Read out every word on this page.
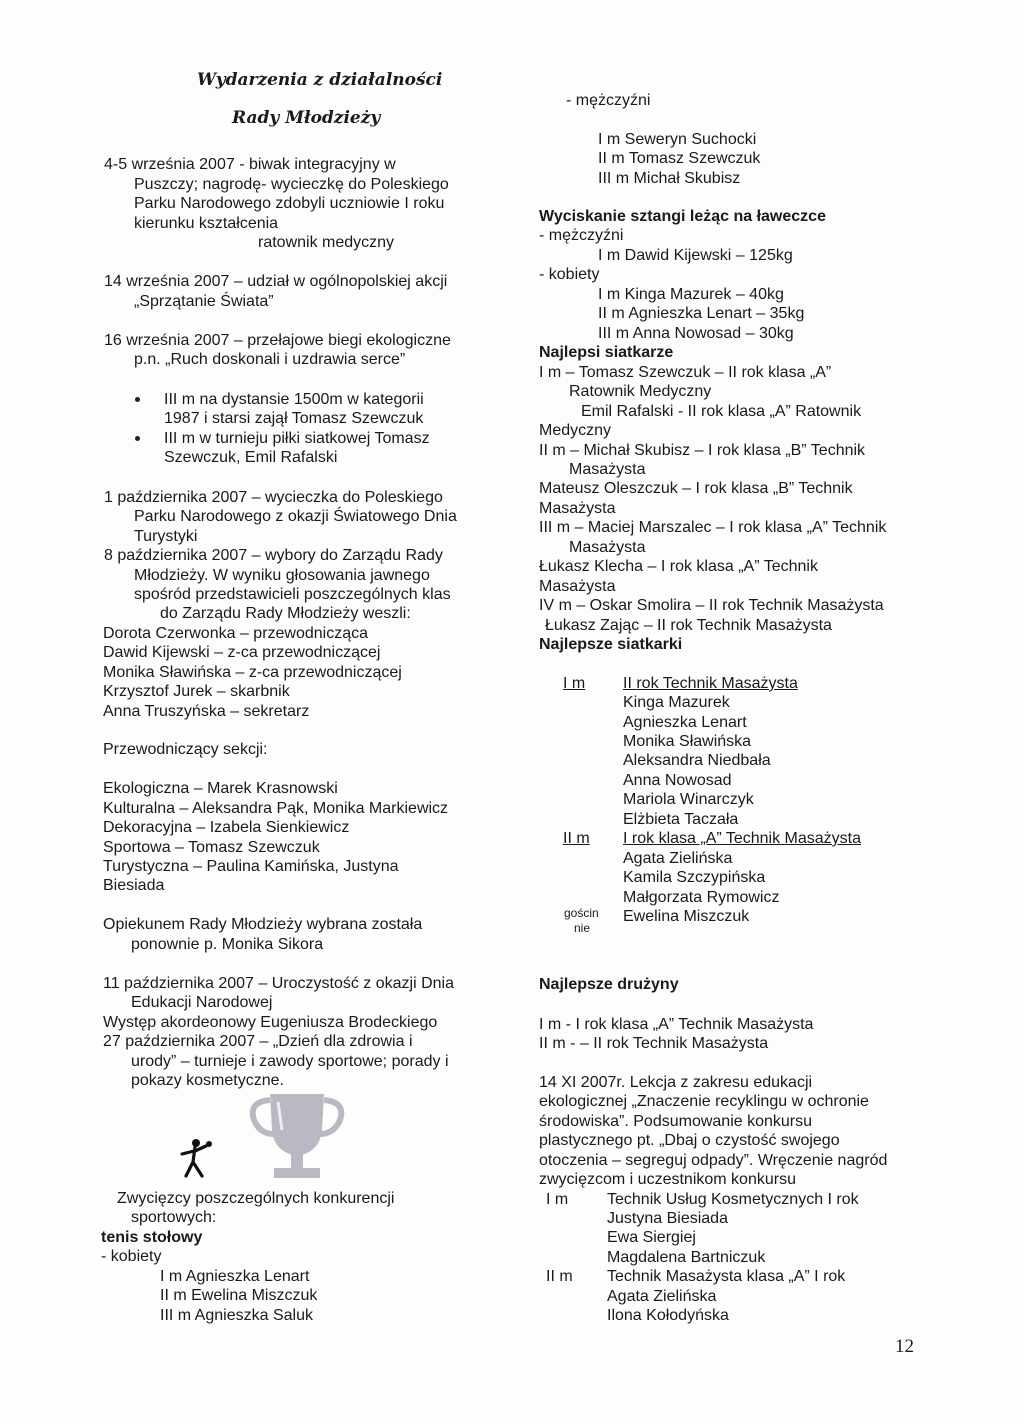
Wydarzenia z działalności
Rady Młodzieży
4-5 września 2007 - biwak integracyjny w
Puszczy; nagrodę- wycieczkę do Poleskiego
Parku Narodowego zdobyli uczniowie I roku
kierunku kształcenia
ratownik medyczny
14 września 2007 – udział w ogólnopolskiej akcji
„Sprzątanie Świata”
16 września 2007 – przełajowe biegi ekologiczne
p.n. „Ruch doskonali i uzdrawia serce”
III m na dystansie 1500m w kategorii
1987 i starsi zajął Tomasz Szewczuk
III m w turnieju piłki siatkowej Tomasz
Szewczuk, Emil Rafalski
1 października 2007 – wycieczka do Poleskiego
Parku Narodowego z okazji Światowego Dnia
Turystyki
8 października 2007 – wybory do Zarządu Rady
Młodzieży. W wyniku głosowania jawnego
spośród przedstawicieli poszczególnych klas
do Zarządu Rady Młodzieży weszli:
Dorota Czerwonka – przewodnicząca
Dawid Kijewski – z-ca przewodniczącej
Monika Sławińska – z-ca przewodniczącej
Krzysztof Jurek – skarbnik
Anna Truszyńska – sekretarz
Przewodniczący sekcji:
Ekologiczna – Marek Krasnowski
Kulturalna – Aleksandra Pąk, Monika Markiewicz
Dekoracyjna – Izabela Sienkiewicz
Sportowa – Tomasz Szewczuk
Turystyczna – Paulina Kamińska, Justyna
Biesiada
Opiekunem Rady Młodzieży wybrana została
ponownie p. Monika Sikora
11 października 2007 – Uroczystość z okazji Dnia
Edukacji Narodowej
Występ akordeonowy Eugeniusza Brodeckiego
27 października 2007 – „Dzień dla zdrowia i
urody” – turnieje i zawody sportowe; porady i
pokazy kosmetyczne.
Zwycięzcy poszczególnych konkurencji
sportowych:
tenis stołowy
- kobiety
I m Agnieszka Lenart
II m Ewelina Miszczuk
III m Agnieszka Saluk
- mężczyźni
I m Seweryn Suchocki
II m Tomasz Szewczuk
III m Michał Skubisz
Wyciskanie sztangi leżąc na ławeczce
- mężczyźni
I m Dawid Kijewski – 125kg
- kobiety
I m Kinga Mazurek – 40kg
II m Agnieszka Lenart – 35kg
III m Anna Nowosad – 30kg
Najlepsi siatkarze
I m – Tomasz Szewczuk – II rok klasa „A”
Ratownik Medyczny
Emil Rafalski - II rok klasa „A” Ratownik
Medyczny
II m – Michał Skubisz – I rok klasa „B” Technik
Masażysta
Mateusz Oleszczuk – I rok klasa „B” Technik
Masażysta
III m – Maciej Marszalec – I rok klasa „A” Technik
Masażysta
Łukasz Klecha – I rok klasa „A” Technik
Masażysta
IV m – Oskar Smolira – II rok Technik Masażysta
Łukasz Zając – II rok Technik Masażysta
Najlepsze siatkarki
I m II rok Technik Masażysta
Kinga Mazurek
Agnieszka Lenart
Monika Sławińska
Aleksandra Niedbała
Anna Nowosad
Mariola Winarczyk
Elżbieta Taczała
II m I rok klasa „A” Technik Masażysta
Agata Zielińska
Kamila Szczypińska
Małgorzata Rymowicz
gościn
nie
Ewelina Miszczuk
Najlepsze drużyny
I m - I rok klasa „A” Technik Masażysta
II m - – II rok Technik Masażysta
14 XI 2007r. Lekcja z zakresu edukacji
ekologicznej „Znaczenie recyklingu w ochronie
środowiska”. Podsumowanie konkursu
plastycznego pt. „Dbaj o czystość swojego
otoczenia – segreguj odpady”. Wręczenie nagród
zwycięzcom i uczestnikom konkursu
I m Technik Usług Kosmetycznych I rok
Justyna Biesiada
Ewa Siergiej
Magdalena Bartniczuk
II m Technik Masażysta klasa „A” I rok
Agata Zielińska
Ilona Kołodyńska
12
